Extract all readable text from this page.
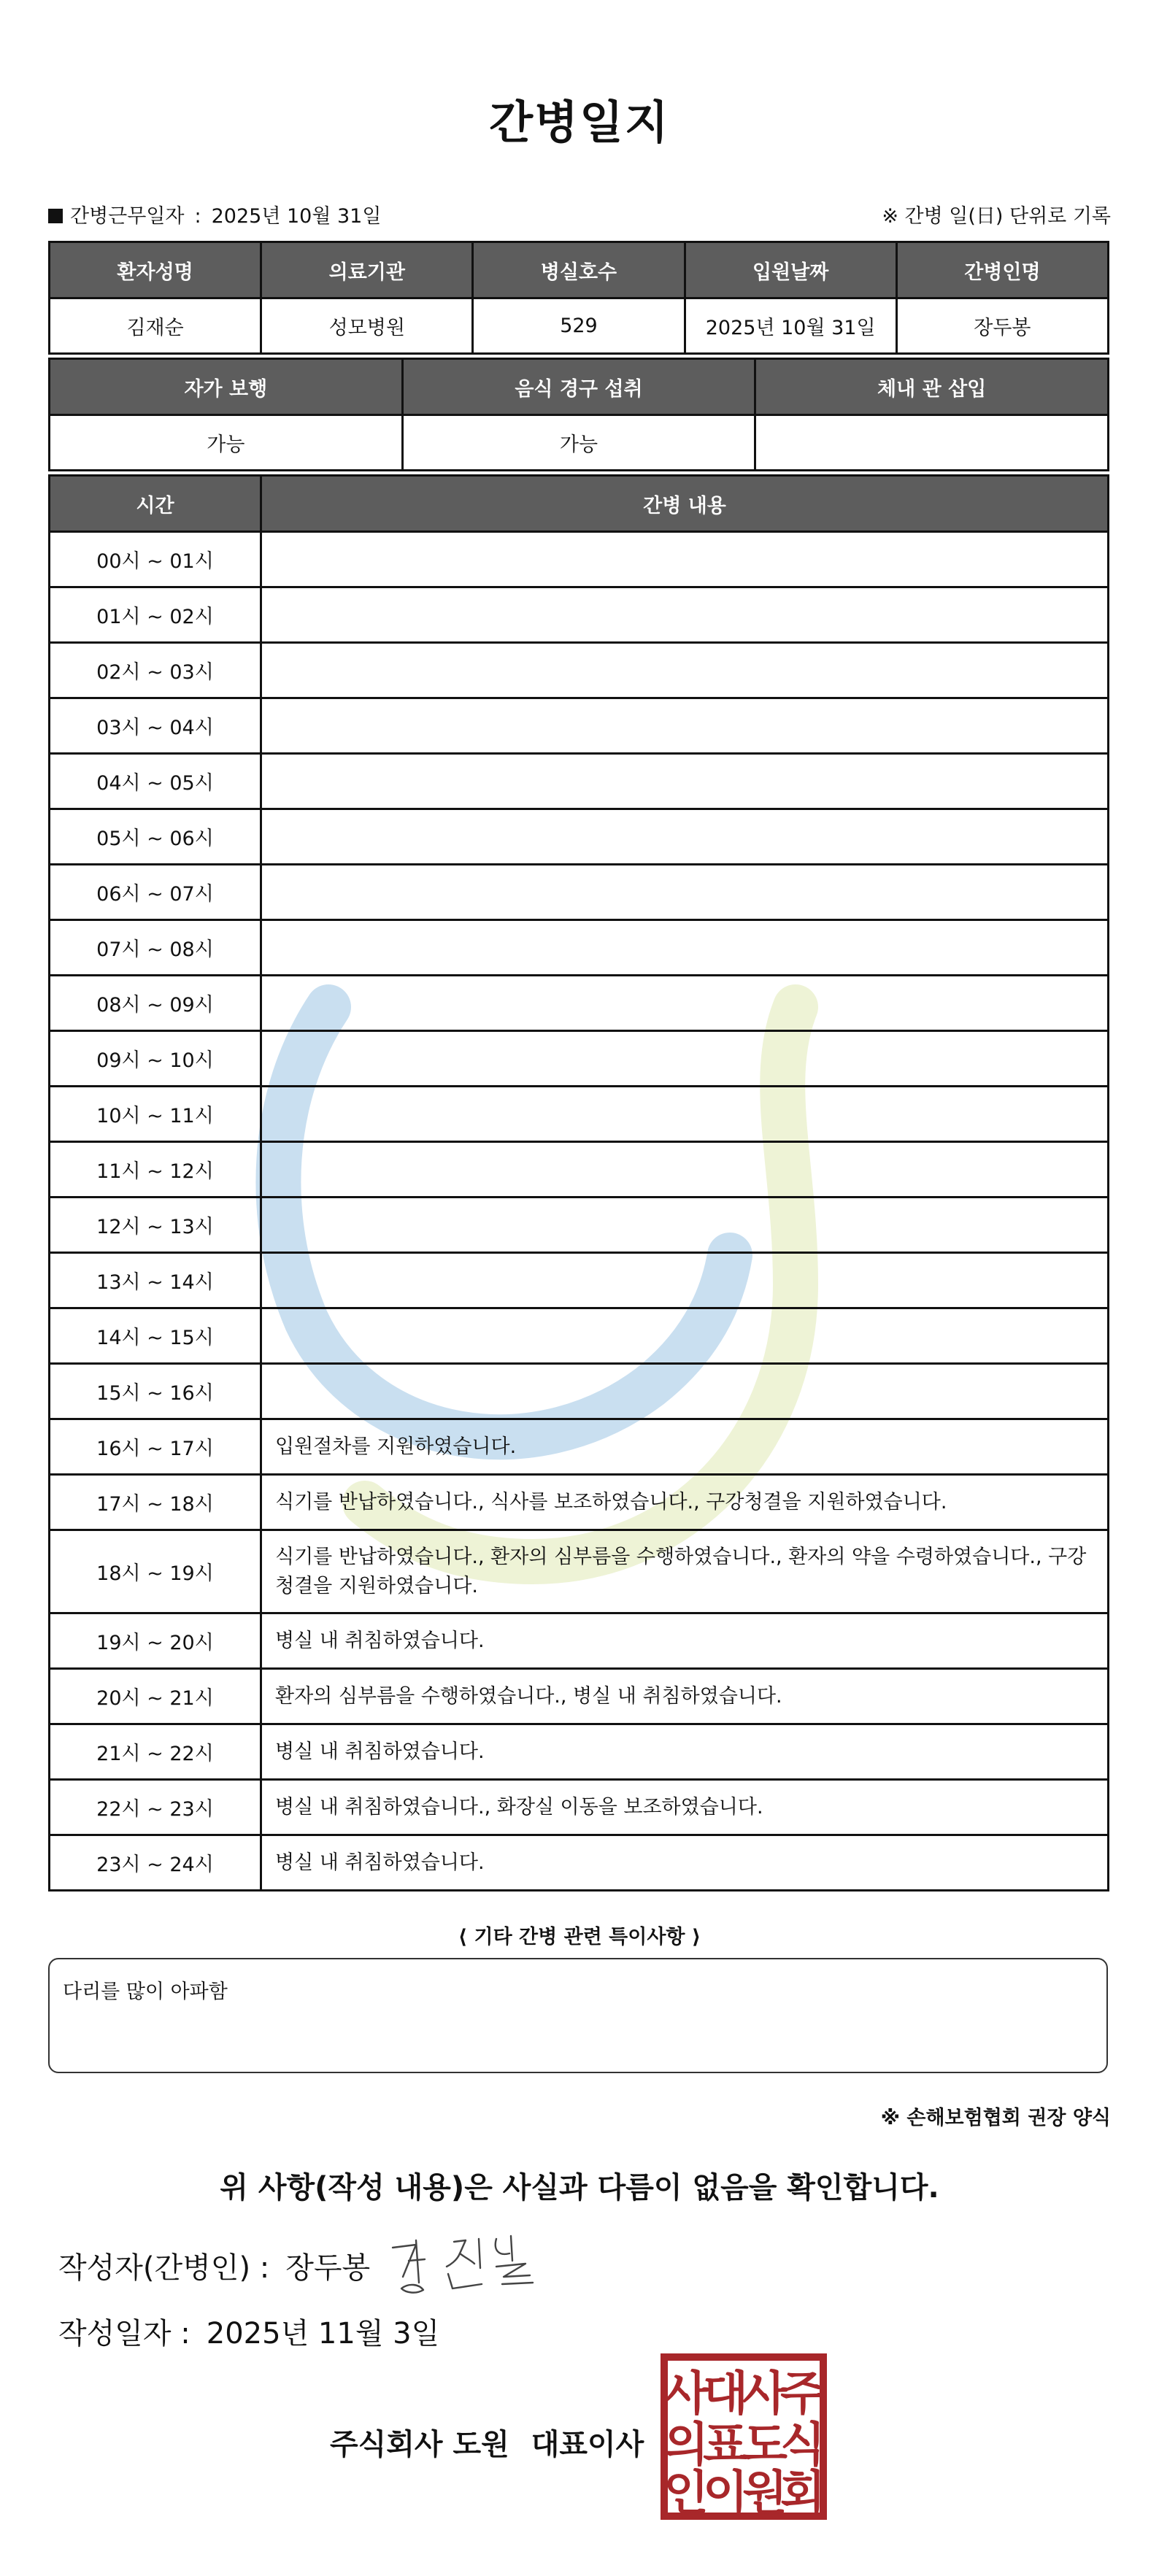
간병일지
간병근무일자 : 2025년 10월 31일	※ 간병 일(日) 단위로 기록
환자성명	의료기관	병실호수	입원날짜	간병인명
김재순	성모병원	529	2025년 10월 31일	장두봉
자가 보행	음식 경구 섭취	체내 관 삽입
가능	가능	
시간	간병 내용
00시 ~ 01시	
01시 ~ 02시	
02시 ~ 03시	
03시 ~ 04시	
04시 ~ 05시	
05시 ~ 06시	
06시 ~ 07시	
07시 ~ 08시	
08시 ~ 09시	
09시 ~ 10시	
10시 ~ 11시	
11시 ~ 12시	
12시 ~ 13시	
13시 ~ 14시	
14시 ~ 15시	
15시 ~ 16시	
16시 ~ 17시	입원절차를 지원하였습니다.
17시 ~ 18시	식기를 반납하였습니다., 식사를 보조하였습니다., 구강청결을 지원하였습니다.
18시 ~ 19시	식기를 반납하였습니다., 환자의 심부름을 수행하였습니다., 환자의 약을 수령하였습니다., 구강청결을 지원하였습니다.
19시 ~ 20시	병실 내 취침하였습니다.
20시 ~ 21시	환자의 심부름을 수행하였습니다., 병실 내 취침하였습니다.
21시 ~ 22시	병실 내 취침하였습니다.
22시 ~ 23시	병실 내 취침하였습니다., 화장실 이동을 보조하였습니다.
23시 ~ 24시	병실 내 취침하였습니다.
⟨ 기타 간병 관련 특이사항 ⟩
다리를 많이 아파함
※ 손해보험협회 권장 양식
위 사항(작성 내용)은 사실과 다름이 없음을 확인합니다.
작성자(간병인) : 장두봉
작성일자 : 2025년 11월 3일
주식회사 도원 대표이사
주
식
회
사
도
원
대
표
이
사
의
인
